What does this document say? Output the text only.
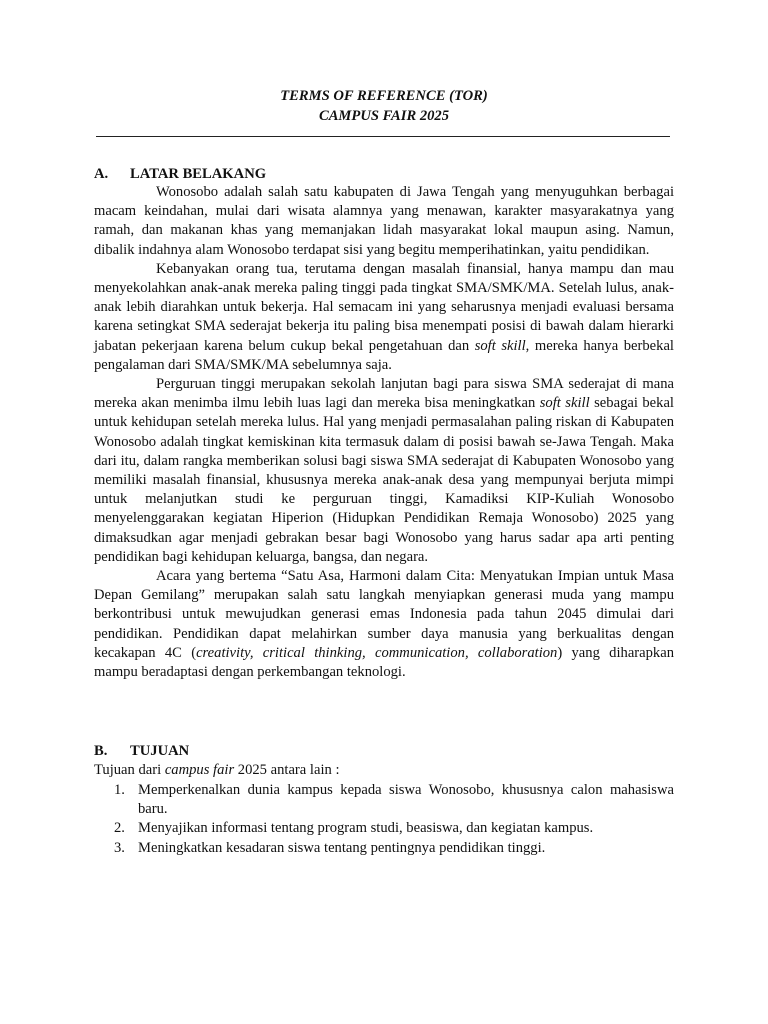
TERMS OF REFERENCE (TOR)
CAMPUS FAIR 2025
A. LATAR BELAKANG

Wonosobo adalah salah satu kabupaten di Jawa Tengah yang menyuguhkan berbagai macam keindahan, mulai dari wisata alamnya yang menawan, karakter masyarakatnya yang ramah, dan makanan khas yang memanjakan lidah masyarakat lokal maupun asing. Namun, dibalik indahnya alam Wonosobo terdapat sisi yang begitu memperihatinkan, yaitu pendidikan.

Kebanyakan orang tua, terutama dengan masalah finansial, hanya mampu dan mau menyekolahkan anak-anak mereka paling tinggi pada tingkat SMA/SMK/MA. Setelah lulus, anak-anak lebih diarahkan untuk bekerja. Hal semacam ini yang seharusnya menjadi evaluasi bersama karena setingkat SMA sederajat bekerja itu paling bisa menempati posisi di bawah dalam hierarki jabatan pekerjaan karena belum cukup bekal pengetahuan dan soft skill, mereka hanya berbekal pengalaman dari SMA/SMK/MA sebelumnya saja.

Perguruan tinggi merupakan sekolah lanjutan bagi para siswa SMA sederajat di mana mereka akan menimba ilmu lebih luas lagi dan mereka bisa meningkatkan soft skill sebagai bekal untuk kehidupan setelah mereka lulus. Hal yang menjadi permasalahan paling riskan di Kabupaten Wonosobo adalah tingkat kemiskinan kita termasuk dalam di posisi bawah se-Jawa Tengah. Maka dari itu, dalam rangka memberikan solusi bagi siswa SMA sederajat di Kabupaten Wonosobo yang memiliki masalah finansial, khususnya mereka anak-anak desa yang mempunyai berjuta mimpi untuk melanjutkan studi ke perguruan tinggi, Kamadiksi KIP-Kuliah Wonosobo menyelenggarakan kegiatan Hiperion (Hidupkan Pendidikan Remaja Wonosobo) 2025 yang dimaksudkan agar menjadi gebrakan besar bagi Wonosobo yang harus sadar apa arti penting pendidikan bagi kehidupan keluarga, bangsa, dan negara.

Acara yang bertema “Satu Asa, Harmoni dalam Cita: Menyatukan Impian untuk Masa Depan Gemilang” merupakan salah satu langkah menyiapkan generasi muda yang mampu berkontribusi untuk mewujudkan generasi emas Indonesia pada tahun 2045 dimulai dari pendidikan. Pendidikan dapat melahirkan sumber daya manusia yang berkualitas dengan kecakapan 4C (creativity, critical thinking, communication, collaboration) yang diharapkan mampu beradaptasi dengan perkembangan teknologi.

B. TUJUAN
Tujuan dari campus fair 2025 antara lain :
1. Memperkenalkan dunia kampus kepada siswa Wonosobo, khususnya calon mahasiswa baru.
2. Menyajikan informasi tentang program studi, beasiswa, dan kegiatan kampus.
3. Meningkatkan kesadaran siswa tentang pentingnya pendidikan tinggi.
